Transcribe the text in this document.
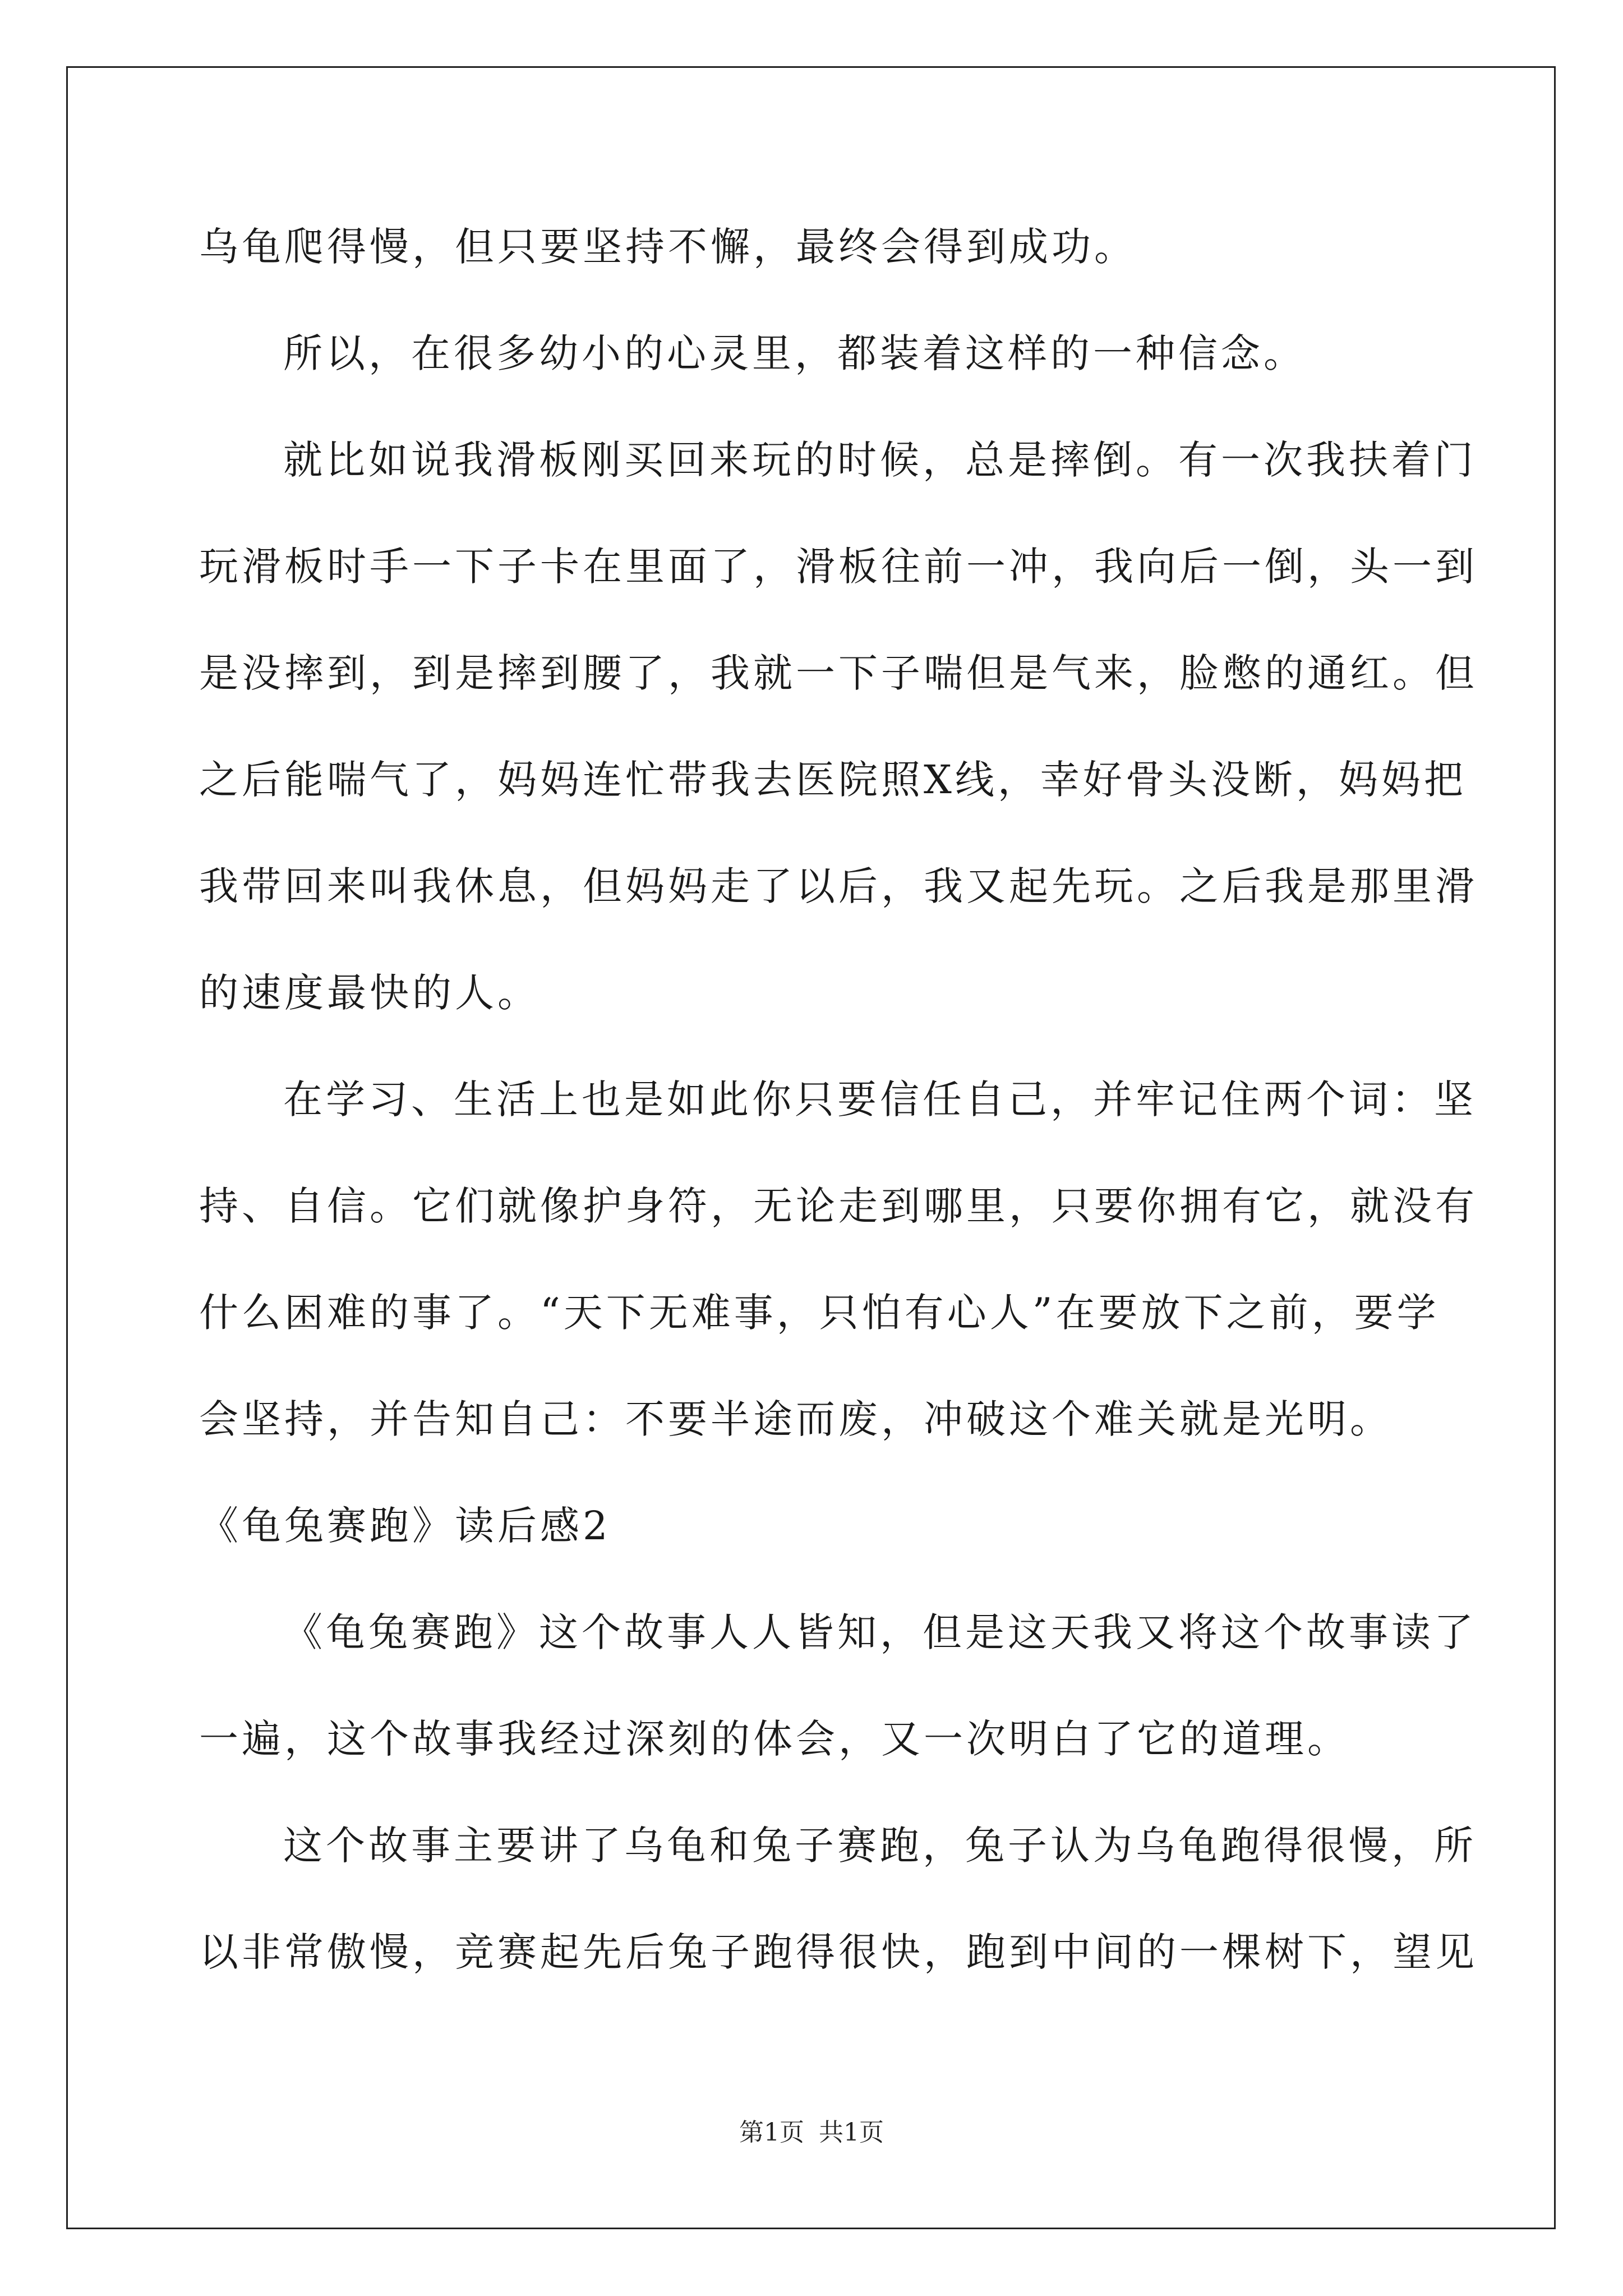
乌龟爬得慢，但只要坚持不懈，最终会得到成功。

所以，在很多幼小的心灵里，都装着这样的一种信念。

就比如说我滑板刚买回来玩的时候，总是摔倒。有一次我扶着门

玩滑板时手一下子卡在里面了，滑板往前一冲，我向后一倒，头一到

是没摔到，到是摔到腰了，我就一下子喘但是气来，脸憋的通红。但

之后能喘气了，妈妈连忙带我去医院照X线，幸好骨头没断，妈妈把

我带回来叫我休息，但妈妈走了以后，我又起先玩。之后我是那里滑

的速度最快的人。

在学习、生活上也是如此你只要信任自己，并牢记住两个词：坚

持、自信。它们就像护身符，无论走到哪里，只要你拥有它，就没有

什么困难的事了。“天下无难事，只怕有心人”在要放下之前，要学

会坚持，并告知自己：不要半途而废，冲破这个难关就是光明。

《龟兔赛跑》读后感2

《龟兔赛跑》这个故事人人皆知，但是这天我又将这个故事读了

一遍，这个故事我经过深刻的体会，又一次明白了它的道理。

这个故事主要讲了乌龟和兔子赛跑，兔子认为乌龟跑得很慢，所

以非常傲慢，竞赛起先后兔子跑得很快，跑到中间的一棵树下，望见

第1页 共1页
